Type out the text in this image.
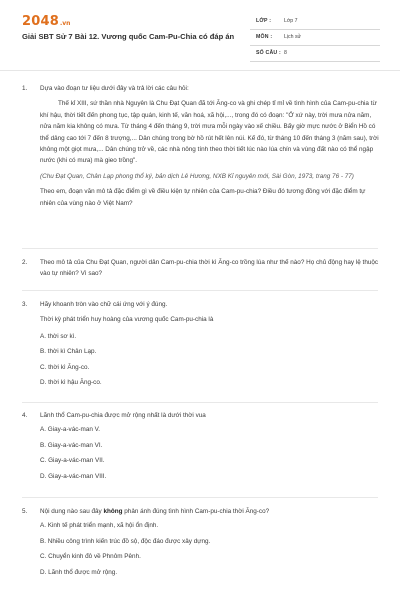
2048 .vn
Giải SBT Sử 7 Bài 12. Vương quốc Cam-Pu-Chia có đáp án
LỚP : Lớp 7
MÔN : Lịch sử
SỐ CÂU : 8
1.	Dựa vào đoạn tư liệu dưới đây và trả lời các câu hỏi:

Thế kỉ XIII, sứ thần nhà Nguyên là Chu Đạt Quan đã tới Ăng-co và ghi chép tỉ mỉ về tình hình của Cam-pu-chia từ khí hậu, thời tiết đến phong tục, tập quán, kinh tế, văn hoá, xã hội,..., trong đó có đoạn: "Ở xứ này, trời mưa nửa năm, nửa năm kia không có mưa. Từ tháng 4 đến tháng 9, trời mưa mỗi ngày vào xế chiều. Bấy giờ mực nước ở Biển Hồ có thể dâng cao tới 7 đến 8 trượng,... Dân chúng trong bờ hồ rút hết lên núi. Kế đó, từ tháng 10 đến tháng 3 (năm sau), trời không một giọt mưa,... Dân chúng trở về, các nhà nông tính theo thời tiết lúc nào lúa chín và vùng đất nào có thể ngập nước (khi có mưa) mà gieo trồng".

(Chu Đạt Quan, Chân Lạp phong thổ ký, bản dịch Lê Hương, NXB Kỉ nguyên mới, Sài Gòn, 1973, trang 76 - 77)

Theo em, đoạn văn mô tả đặc điểm gì về điều kiện tự nhiên của Cam-pu-chia? Điều đó tương đồng với đặc điểm tự nhiên của vùng nào ở Việt Nam?

2.	Theo mô tả của Chu Đạt Quan, người dân Cam-pu-chia thời kì Ăng-co trồng lúa như thế nào? Họ chủ động hay lệ thuộc vào tự nhiên? Vì sao?

3.	Hãy khoanh tròn vào chữ cái ứng với ý đúng.

Thời kỳ phát triển huy hoàng của vương quốc Cam-pu-chia là

A. thời sơ kì.
B. thời kì Chân Lạp.
C. thời kì Ăng-co.
D. thời kì hậu Ăng-co.
4.	Lãnh thổ Cam-pu-chia được mở rộng nhất là dưới thời vua

A. Giay-a-vác-man V.
B. Giay-a-vác-man VI.
C. Giay-a-vác-man VII.
D. Giay-a-vác-man VIII.
5.	Nội dung nào sau đây không phản ánh đúng tình hình Cam-pu-chia thời Ăng-co?

A. Kinh tế phát triển mạnh, xã hội ổn định.
B. Nhiều công trình kiến trúc đồ sộ, độc đáo được xây dựng.
C. Chuyển kinh đô về Phnôm Pênh.
D. Lãnh thổ được mở rộng.
